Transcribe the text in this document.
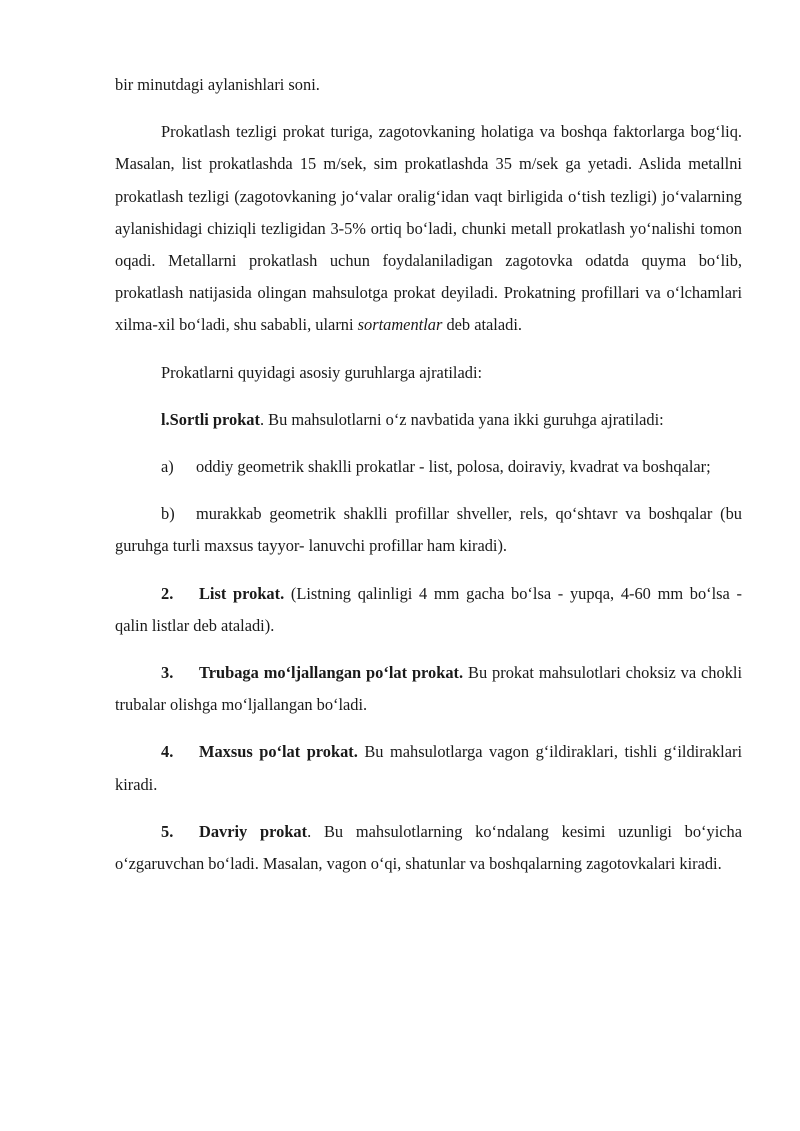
bir minutdagi aylanishlari soni.

Prokatlash tezligi prokat turiga, zagotovkaning holatiga va boshqa faktorlarga bog‘liq. Masalan, list prokatlashda 15 m/sek, sim prokatlashda 35 m/sek ga yetadi. Aslida metallni prokatlash tezligi (zagotovkaning jo‘valar oralig‘idan vaqt birligida o‘tish tezligi) jo‘valarning aylanishidagi chiziqli tezligidan 3-5% ortiq bo‘ladi, chunki metall prokatlash yo‘nalishi tomon oqadi. Metallarni prokatlash uchun foydalaniladigan zagotovka odatda quyma bo‘lib, prokatlash natijasida olingan mahsulotga prokat deyiladi. Prokatning profillari va o‘lchamlari xilma-xil bo‘ladi, shu sababli, ularni sortamentlar deb ataladi.

Prokatlarni quyidagi asosiy guruhlarga ajratiladi:

l.Sortli prokat. Bu mahsulotlarni o‘z navbatida yana ikki guruhga ajratiladi:

a) oddiy geometrik shaklli prokatlar - list, polosa, doiraviy, kvadrat va boshqalar;

b) murakkab geometrik shaklli profillar shveller, rels, qo‘shtavr va boshqalar (bu guruhga turli maxsus tayyor- lanuvchi profillar ham kiradi).

2. List prokat. (Listning qalinligi 4 mm gacha bo‘lsa - yupqa, 4-60 mm bo‘lsa - qalin listlar deb ataladi).

3. Trubaga mo‘ljallangan po‘lat prokat. Bu prokat mahsulotlari choksiz va chokli trubalar olishga mo‘ljallangan bo‘ladi.

4. Maxsus po‘lat prokat. Bu mahsulotlarga vagon g‘ildiraklari, tishli g‘ildiraklari kiradi.

5. Davriy prokat. Bu mahsulotlarning ko‘ndalang kesimi uzunligi bo‘yicha o‘zgaruvchan bo‘ladi. Masalan, vagon o‘qi, shatunlar va boshqalarning zagotovkalari kiradi.
